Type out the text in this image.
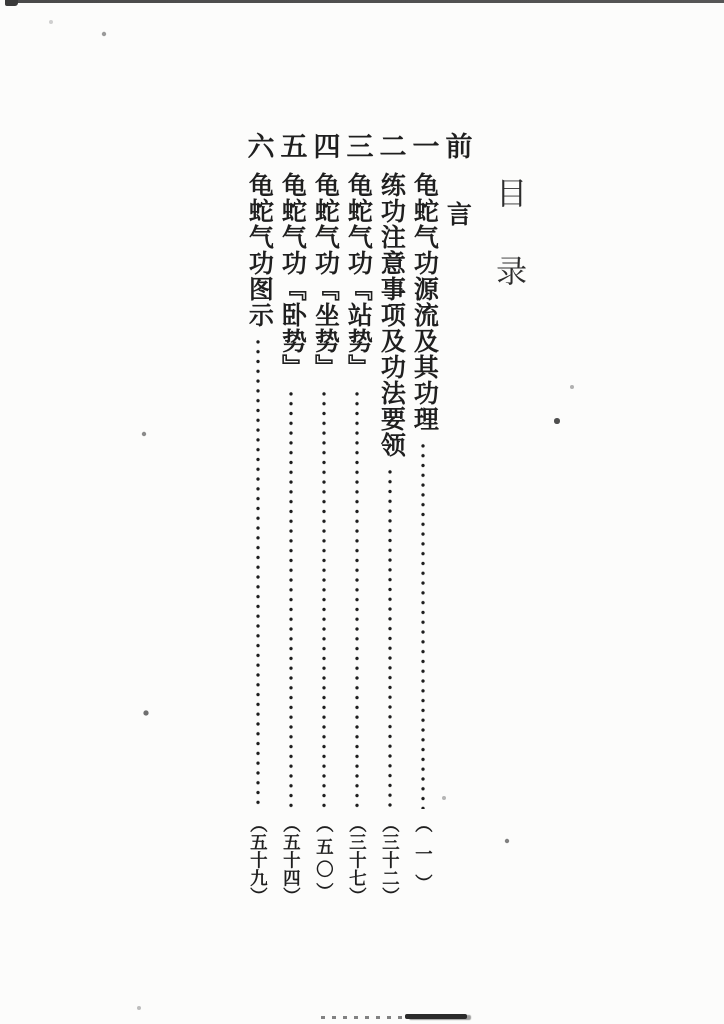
目录
前
言
一
龟蛇气功源流及其功理
︵一︶
二
练功注意事项及功法要领
︵三十二︶
三
龟蛇气功『站势』
︵三十七︶
四
龟蛇气功『坐势』
︵五〇︶
五
龟蛇气功『卧势』
︵五十四︶
六
龟蛇气功图示
︵五十九︶
